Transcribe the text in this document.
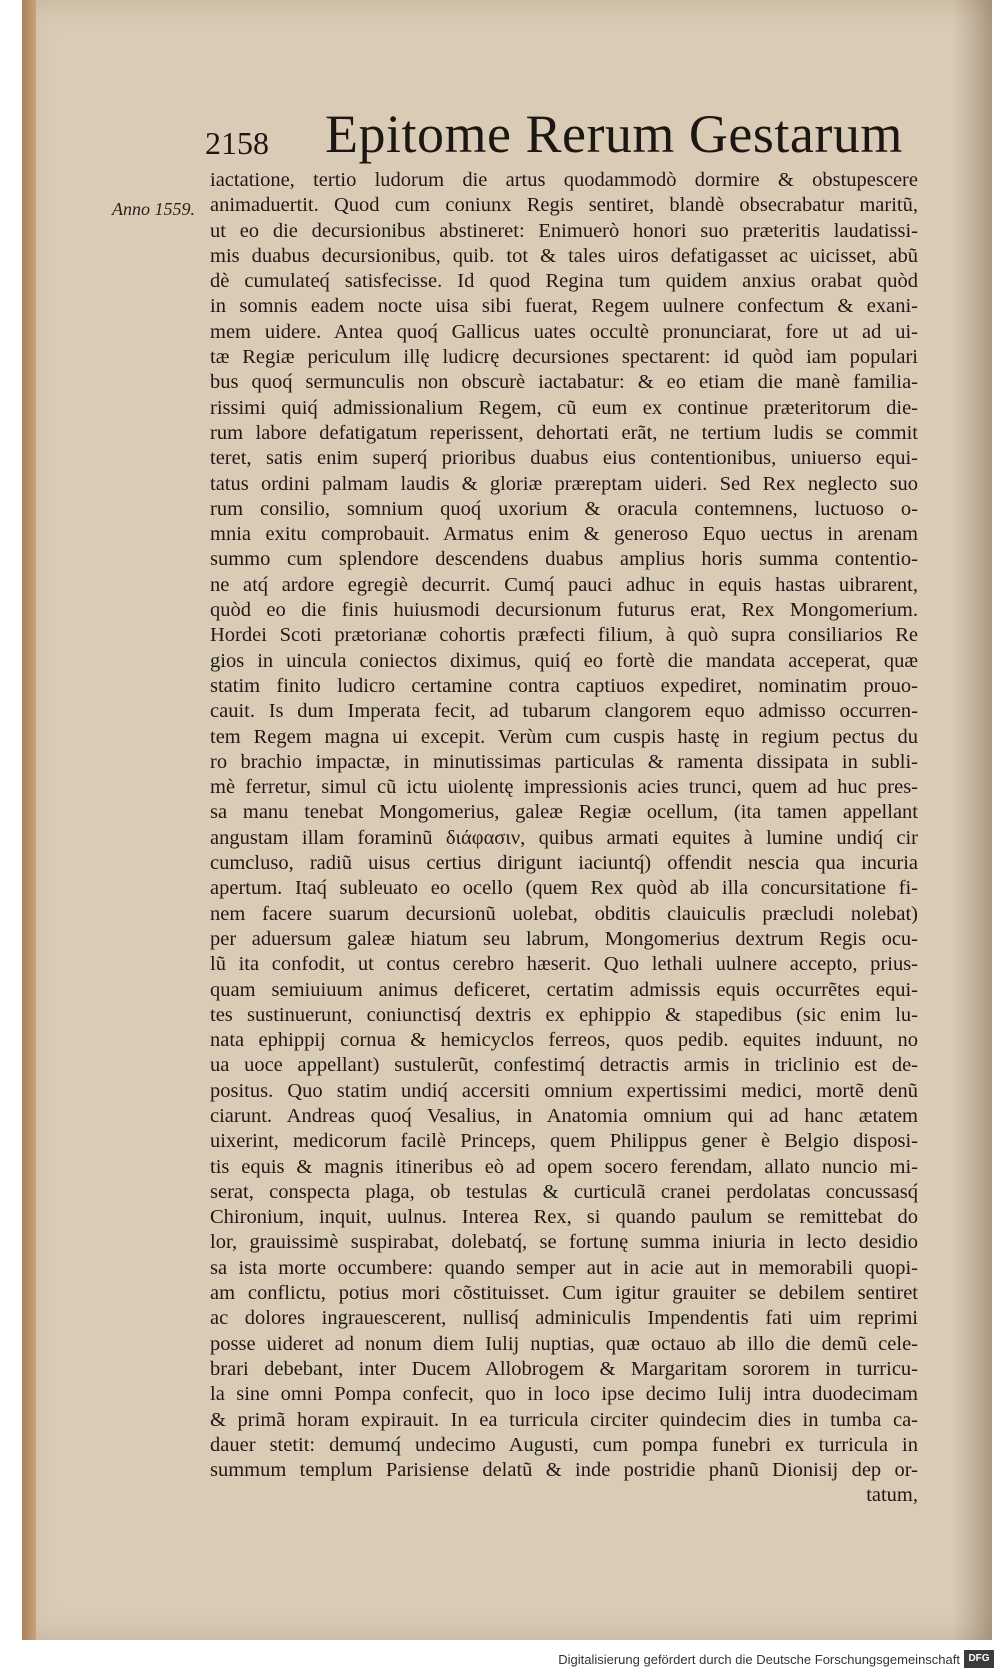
2158 Epitome Rerum Gestarum
Anno 1559.
iactatione, tertio ludorum die artus quodammodò dormire & obstupescere
animaduertit. Quod cum coniunx Regis sentiret, blandè obsecrabatur maritũ,
ut eo die decursionibus abstineret: Enimuerò honori suo præteritis laudatissi-
mis duabus decursionibus, quib. tot & tales uiros defatigasset ac uicisset, abũ
dè cumulateq́ satisfecisse. Id quod Regina tum quidem anxius orabat quòd
in somnis eadem nocte uisa sibi fuerat, Regem uulnere confectum & exani-
mem uidere. Antea quoq́ Gallicus uates occultè pronunciarat, fore ut ad ui-
tæ Regiæ periculum illę ludicrę decursiones spectarent: id quòd iam populari
bus quoq́ sermunculis non obscurè iactabatur: & eo etiam die manè familia-
rissimi quiq́ admissionalium Regem, cũ eum ex continue præteritorum die-
rum labore defatigatum reperissent, dehortati erãt, ne tertium ludis se commit
teret, satis enim superq́ prioribus duabus eius contentionibus, uniuerso equi-
tatus ordini palmam laudis & gloriæ præreptam uideri. Sed Rex neglecto suo
rum consilio, somnium quoq́ uxorium & oracula contemnens, luctuoso o-
mnia exitu comprobauit. Armatus enim & generoso Equo uectus in arenam
summo cum splendore descendens duabus amplius horis summa contentio-
ne atq́ ardore egregiè decurrit. Cumq́ pauci adhuc in equis hastas uibrarent,
quòd eo die finis huiusmodi decursionum futurus erat, Rex Mongomerium.
Hordei Scoti prætorianæ cohortis præfecti filium, à quò supra consiliarios Re
gios in uincula coniectos diximus, quiq́ eo fortè die mandata acceperat, quæ
statim finito ludicro certamine contra captiuos expediret, nominatim prouo-
cauit. Is dum Imperata fecit, ad tubarum clangorem equo admisso occurren-
tem Regem magna ui excepit. Verùm cum cuspis hastę in regium pectus du
ro brachio impactæ, in minutissimas particulas & ramenta dissipata in subli-
mè ferretur, simul cũ ictu uiolentę impressionis acies trunci, quem ad huc pres-
sa manu tenebat Mongomerius, galeæ Regiæ ocellum, (ita tamen appellant
angustam illam foraminũ διάφασιν, quibus armati equites à lumine undiq́ cir
cumcluso, radiũ uisus certius dirigunt iaciuntq́) offendit nescia qua incuria
apertum. Itaq́ subleuato eo ocello (quem Rex quòd ab illa concursitatione fi-
nem facere suarum decursionũ uolebat, obditis clauiculis præcludi nolebat)
per aduersum galeæ hiatum seu labrum, Mongomerius dextrum Regis ocu-
lũ ita confodit, ut contus cerebro hæserit. Quo lethali uulnere accepto, prius-
quam semiuiuum animus deficeret, certatim admissis equis occurrẽtes equi-
tes sustinuerunt, coniunctisq́ dextris ex ephippio & stapedibus (sic enim lu-
nata ephippij cornua & hemicyclos ferreos, quos pedib. equites induunt, no
ua uoce appellant) sustulerũt, confestimq́ detractis armis in triclinio est de-
positus. Quo statim undiq́ accersiti omnium expertissimi medici, mortẽ denũ
ciarunt. Andreas quoq́ Vesalius, in Anatomia omnium qui ad hanc ætatem
uixerint, medicorum facilè Princeps, quem Philippus gener è Belgio disposi-
tis equis & magnis itineribus eò ad opem socero ferendam, allato nuncio mi-
serat, conspecta plaga, ob testulas & curticulã cranei perdolatas concussasq́
Chironium, inquit, uulnus. Interea Rex, si quando paulum se remittebat do
lor, grauissimè suspirabat, dolebatq́, se fortunę summa iniuria in lecto desidio
sa ista morte occumbere: quando semper aut in acie aut in memorabili quopi-
am conflictu, potius mori cõstituisset. Cum igitur grauiter se debilem sentiret
ac dolores ingrauescerent, nullisq́ adminiculis Impendentis fati uim reprimi
posse uideret ad nonum diem Iulij nuptias, quæ octauo ab illo die demũ cele-
brari debebant, inter Ducem Allobrogem & Margaritam sororem in turricu-
la sine omni Pompa confecit, quo in loco ipse decimo Iulij intra duodecimam
& primã horam expirauit. In ea turricula circiter quindecim dies in tumba ca-
dauer stetit: demumq́ undecimo Augusti, cum pompa funebri ex turricula in
summum templum Parisiense delatũ & inde postridie phanũ Dionisij dep or-
tatum,
Digitalisierung gefördert durch die Deutsche Forschungsgemeinschaft DFG
